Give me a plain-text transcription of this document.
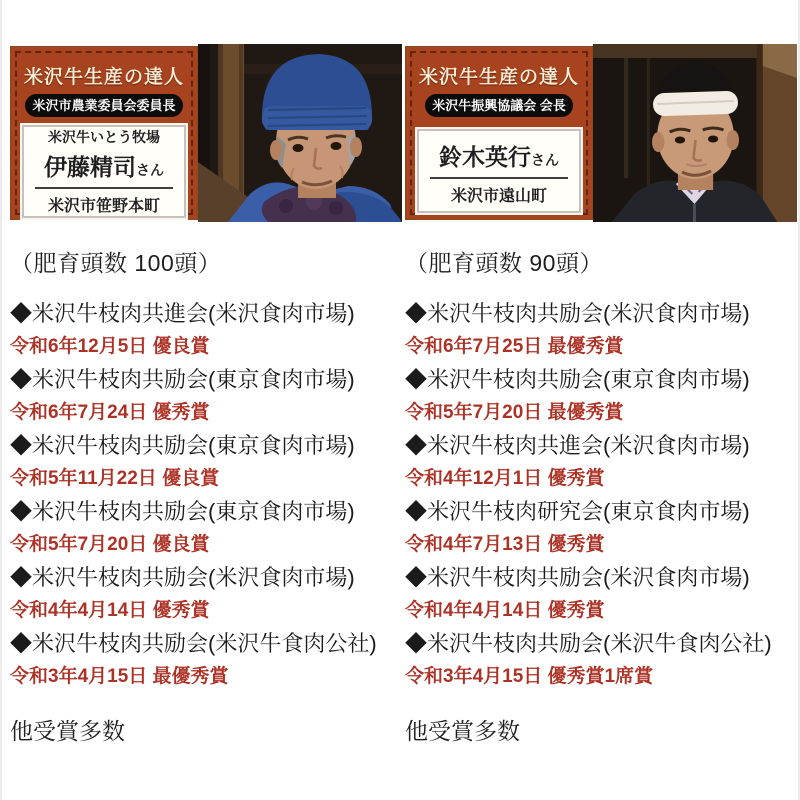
米沢牛生産の達人
米沢市農業委員会委員長
米沢牛いとう牧場
伊藤精司さん
米沢市笹野本町
（肥育頭数 100頭）
◆米沢牛枝肉共進会(米沢食肉市場)
令和6年12月5日 優良賞
◆米沢牛枝肉共励会(東京食肉市場)
令和6年7月24日 優秀賞
◆米沢牛枝肉共励会(東京食肉市場)
令和5年11月22日 優良賞
◆米沢牛枝肉共励会(東京食肉市場)
令和5年7月20日 優良賞
◆米沢牛枝肉共励会(米沢食肉市場)
令和4年4月14日 優秀賞
◆米沢牛枝肉共励会(米沢牛食肉公社)
令和3年4月15日 最優秀賞
他受賞多数
米沢牛生産の達人
米沢牛振興協議会 会長
鈴木英行さん
米沢市遠山町
（肥育頭数 90頭）
◆米沢牛枝肉共励会(米沢食肉市場)
令和6年7月25日 最優秀賞
◆米沢牛枝肉共励会(東京食肉市場)
令和5年7月20日 最優秀賞
◆米沢牛枝肉共進会(米沢食肉市場)
令和4年12月1日 優秀賞
◆米沢牛枝肉研究会(東京食肉市場)
令和4年7月13日 優秀賞
◆米沢牛枝肉共励会(米沢食肉市場)
令和4年4月14日 優秀賞
◆米沢牛枝肉共励会(米沢牛食肉公社)
令和3年4月15日 優秀賞1席賞
他受賞多数
